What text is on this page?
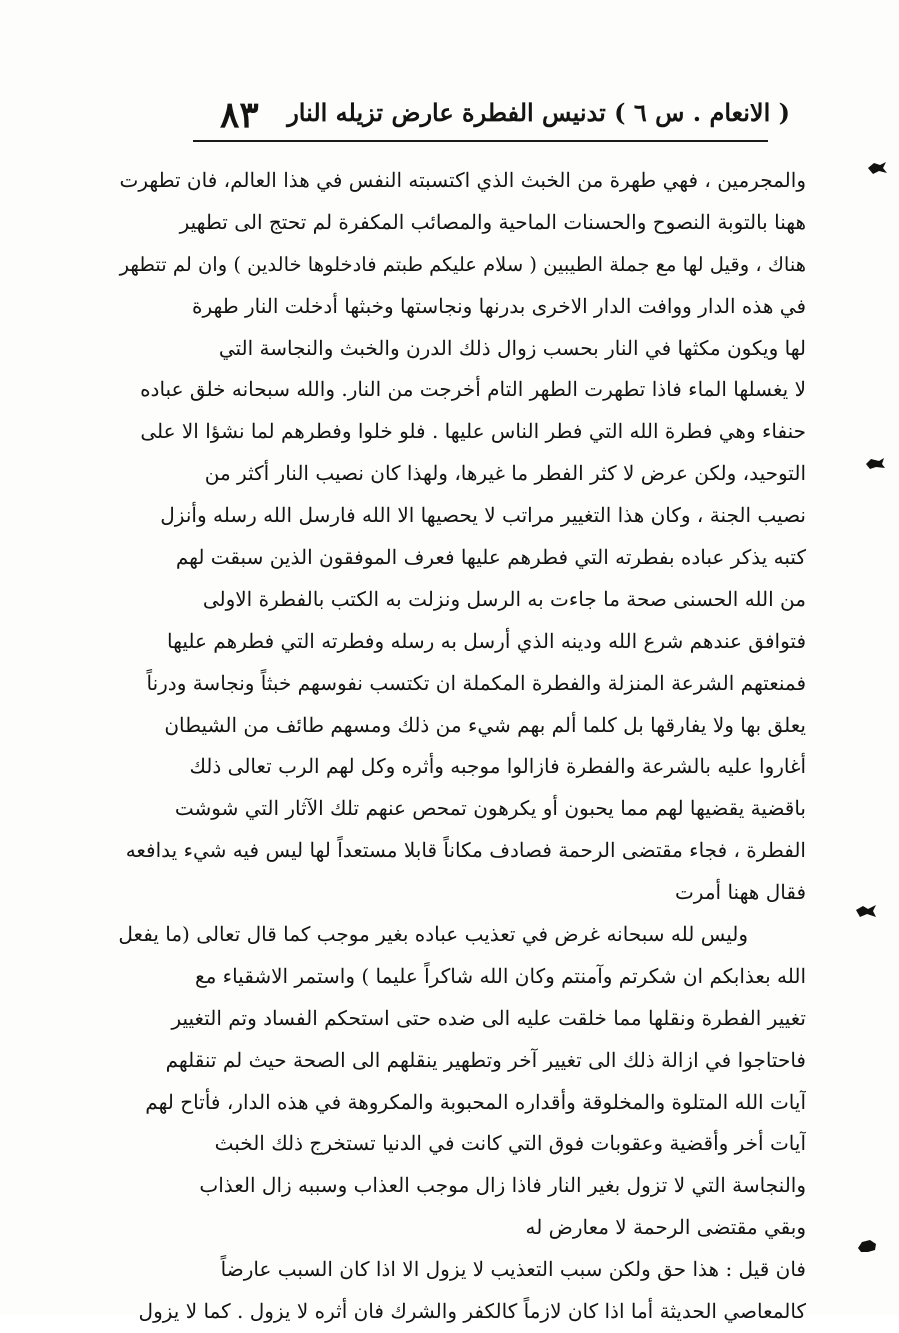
( الانعام . س ٦ ) تدنيس الفطرة عارض تزيله النار
٨٣
والمجرمين ، فهي طهرة من الخبث الذي اكتسبته النفس في هذا العالم، فان تطهرت
ههنا بالتوبة النصوح والحسنات الماحية والمصائب المكفرة لم تحتج الى تطهير
هناك ، وقيل لها مع جملة الطيبين ( سلام عليكم طبتم فادخلوها خالدين ) وان لم تتطهر
في هذه الدار ووافت الدار الاخرى بدرنها ونجاستها وخبثها أدخلت النار طهرة
لها ويكون مكثها في النار بحسب زوال ذلك الدرن والخبث والنجاسة التي
لا يغسلها الماء فاذا تطهرت الطهر التام أخرجت من النار. والله سبحانه خلق عباده
حنفاء وهي فطرة الله التي فطر الناس عليها . فلو خلوا وفطرهم لما نشؤا الا على
التوحيد، ولكن عرض لا كثر الفطر ما غيرها، ولهذا كان نصيب النار أكثر من
نصيب الجنة ، وكان هذا التغيير مراتب لا يحصيها الا الله فارسل الله رسله وأنزل
كتبه يذكر عباده بفطرته التي فطرهم عليها فعرف الموفقون الذين سبقت لهم
من الله الحسنى صحة ما جاءت به الرسل ونزلت به الكتب بالفطرة الاولى
فتوافق عندهم شرع الله ودينه الذي أرسل به رسله وفطرته التي فطرهم عليها
فمنعتهم الشرعة المنزلة والفطرة المكملة ان تكتسب نفوسهم خبثاً ونجاسة ودرناً
يعلق بها ولا يفارقها بل كلما ألم بهم شيء من ذلك ومسهم طائف من الشيطان
أغاروا عليه بالشرعة والفطرة فازالوا موجبه وأثره وكل لهم الرب تعالى ذلك
باقضية يقضيها لهم مما يحبون أو يكرهون تمحص عنهم تلك الآثار التي شوشت
الفطرة ، فجاء مقتضى الرحمة فصادف مكاناً قابلا مستعداً لها ليس فيه شيء يدافعه
فقال ههنا أمرت
وليس لله سبحانه غرض في تعذيب عباده بغير موجب كما قال تعالى (ما يفعل
الله بعذابكم ان شكرتم وآمنتم وكان الله شاكراً عليما ) واستمر الاشقياء مع
تغيير الفطرة ونقلها مما خلقت عليه الى ضده حتى استحكم الفساد وتم التغيير
فاحتاجوا في ازالة ذلك الى تغيير آخر وتطهير ينقلهم الى الصحة حيث لم تنقلهم
آيات الله المتلوة والمخلوقة وأقداره المحبوبة والمكروهة في هذه الدار، فأتاح لهم
آيات أخر وأقضية وعقوبات فوق التي كانت في الدنيا تستخرج ذلك الخبث
والنجاسة التي لا تزول بغير النار فاذا زال موجب العذاب وسببه زال العذاب
وبقي مقتضى الرحمة لا معارض له
فان قيل : هذا حق ولكن سبب التعذيب لا يزول الا اذا كان السبب عارضاً
كالمعاصي الحديثة أما اذا كان لازماً كالكفر والشرك فان أثره لا يزول . كما لا يزول
